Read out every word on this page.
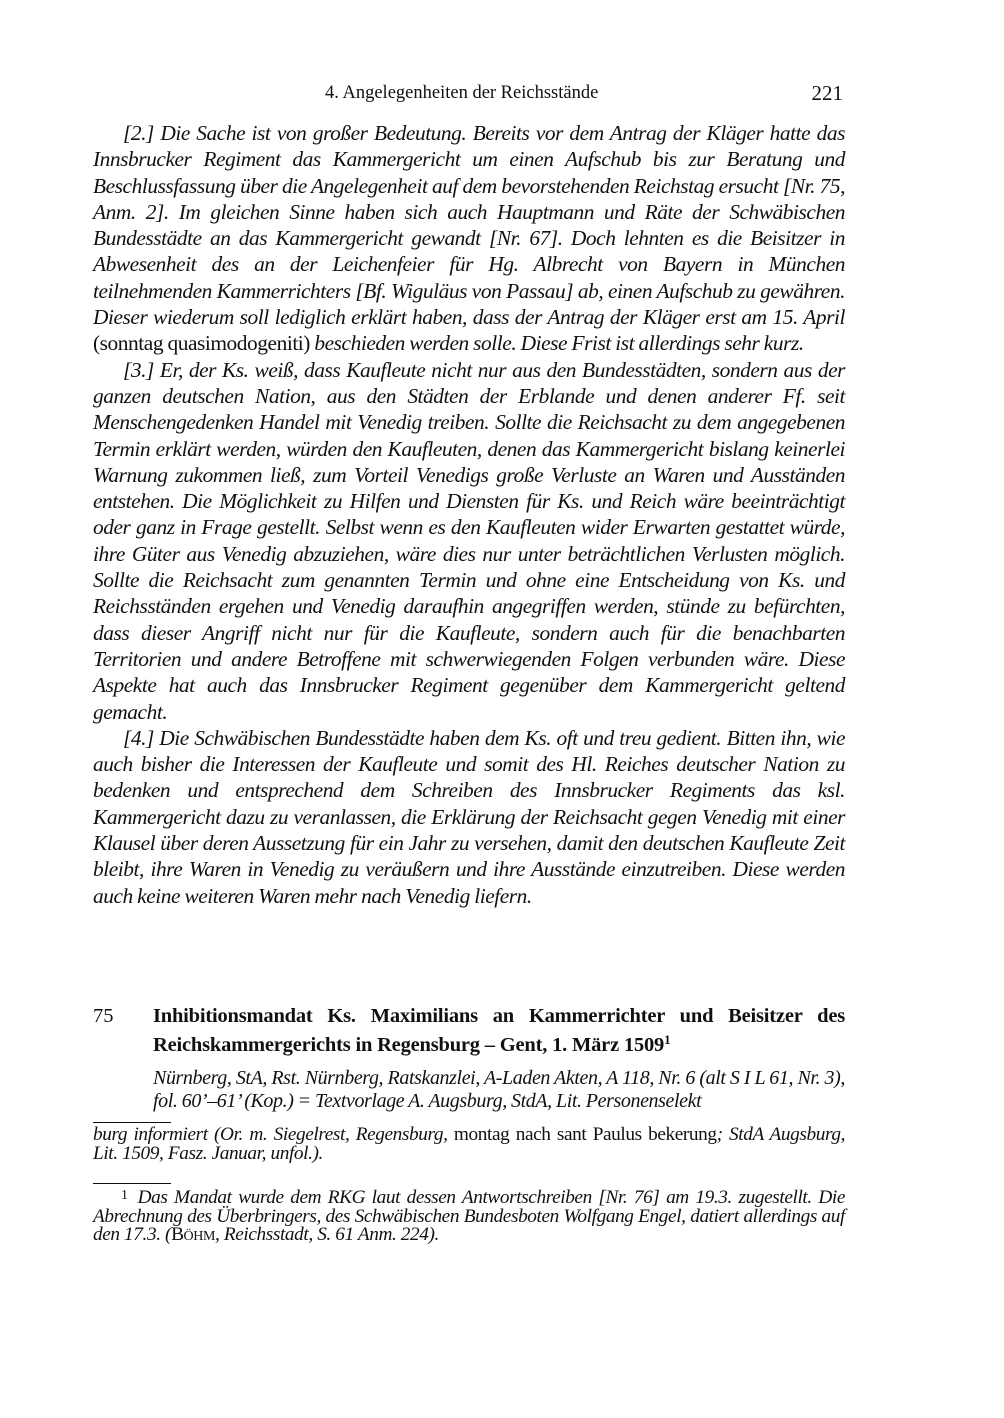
4. Angelegenheiten der Reichsstände	221

[2.] Die Sache ist von großer Bedeutung. Bereits vor dem Antrag der Kläger hatte das Innsbrucker Regiment das Kammergericht um einen Aufschub bis zur Beratung und Beschlussfassung über die Angelegenheit auf dem bevorstehenden Reichstag ersucht [Nr. 75, Anm. 2]. Im gleichen Sinne haben sich auch Hauptmann und Räte der Schwäbischen Bundesstädte an das Kammergericht gewandt [Nr. 67]. Doch lehnten es die Beisitzer in Abwesenheit des an der Leichenfeier für Hg. Albrecht von Bayern in München teilnehmenden Kammerrichters [Bf. Wiguläus von Passau] ab, einen Aufschub zu gewähren. Dieser wiederum soll lediglich erklärt haben, dass der Antrag der Kläger erst am 15. April (sonntag quasimodogeniti) beschieden werden solle. Diese Frist ist allerdings sehr kurz.

[3.] Er, der Ks. weiß, dass Kaufleute nicht nur aus den Bundesstädten, sondern aus der ganzen deutschen Nation, aus den Städten der Erblande und denen anderer Ff. seit Menschengedenken Handel mit Venedig treiben. Sollte die Reichsacht zu dem angegebenen Termin erklärt werden, würden den Kaufleuten, denen das Kammergericht bislang keinerlei Warnung zukommen ließ, zum Vorteil Venedigs große Verluste an Waren und Ausständen entstehen. Die Möglichkeit zu Hilfen und Diensten für Ks. und Reich wäre beeinträchtigt oder ganz in Frage gestellt. Selbst wenn es den Kaufleuten wider Erwarten gestattet würde, ihre Güter aus Venedig abzuziehen, wäre dies nur unter beträchtlichen Verlusten möglich. Sollte die Reichsacht zum genannten Termin und ohne eine Entscheidung von Ks. und Reichsständen ergehen und Venedig daraufhin angegriffen werden, stünde zu befürchten, dass dieser Angriff nicht nur für die Kaufleute, sondern auch für die benachbarten Territorien und andere Betroffene mit schwerwiegenden Folgen verbunden wäre. Diese Aspekte hat auch das Innsbrucker Regiment gegenüber dem Kammergericht geltend gemacht.

[4.] Die Schwäbischen Bundesstädte haben dem Ks. oft und treu gedient. Bitten ihn, wie auch bisher die Interessen der Kaufleute und somit des Hl. Reiches deutscher Nation zu bedenken und entsprechend dem Schreiben des Innsbrucker Regiments das ksl. Kammergericht dazu zu veranlassen, die Erklärung der Reichsacht gegen Venedig mit einer Klausel über deren Aussetzung für ein Jahr zu versehen, damit den deutschen Kaufleute Zeit bleibt, ihre Waren in Venedig zu veräußern und ihre Ausstände einzutreiben. Diese werden auch keine weiteren Waren mehr nach Venedig liefern.

75 Inhibitionsmandat Ks. Maximilians an Kammerrichter und Beisitzer des Reichskammergerichts in Regensburg – Gent, 1. März 1509$^1$
Nürnberg, StA, Rst. Nürnberg, Ratskanzlei, A-Laden Akten, A 118, Nr. 6 (alt S I L 61, Nr. 3), fol. 60’–61’ (Kop.) = Textvorlage A. Augsburg, StdA, Lit. Personenselekt
burg informiert (Or. m. Siegelrest, Regensburg, montag nach sant Paulus bekerung; StdA Augsburg, Lit. 1509, Fasz. Januar, unfol.).
$^1$ Das Mandat wurde dem RKG laut dessen Antwortschreiben [Nr. 76] am 19.3. zugestellt. Die Abrechnung des Überbringers, des Schwäbischen Bundesboten Wolfgang Engel, datiert allerdings auf den 17.3. (Böhm, Reichsstadt, S. 61 Anm. 224).
